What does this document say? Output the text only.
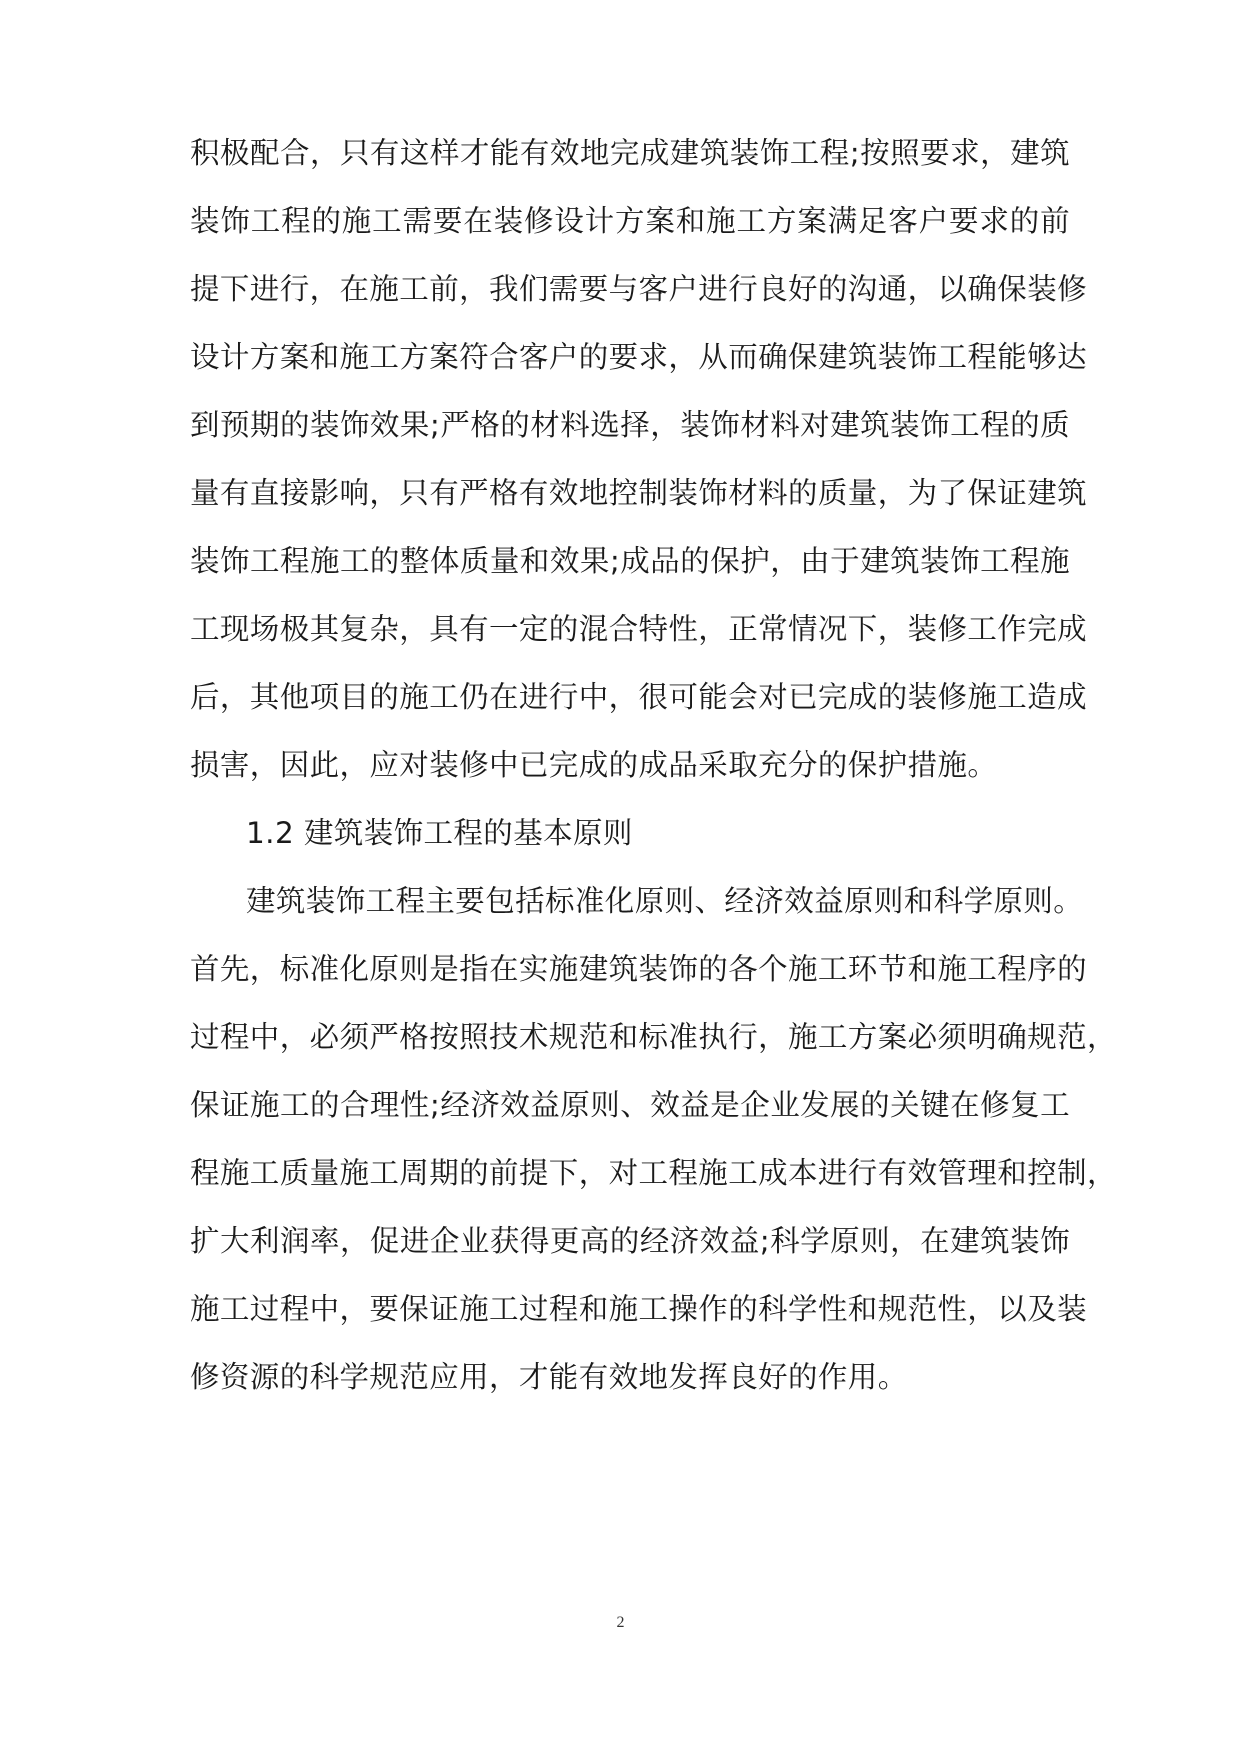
积极配合，只有这样才能有效地完成建筑装饰工程;按照要求，建筑
装饰工程的施工需要在装修设计方案和施工方案满足客户要求的前
提下进行，在施工前，我们需要与客户进行良好的沟通，以确保装修
设计方案和施工方案符合客户的要求，从而确保建筑装饰工程能够达
到预期的装饰效果;严格的材料选择，装饰材料对建筑装饰工程的质
量有直接影响，只有严格有效地控制装饰材料的质量，为了保证建筑
装饰工程施工的整体质量和效果;成品的保护，由于建筑装饰工程施
工现场极其复杂，具有一定的混合特性，正常情况下，装修工作完成
后，其他项目的施工仍在进行中，很可能会对已完成的装修施工造成
损害，因此，应对装修中已完成的成品采取充分的保护措施。
1.2 建筑装饰工程的基本原则
建筑装饰工程主要包括标准化原则、经济效益原则和科学原则。
首先，标准化原则是指在实施建筑装饰的各个施工环节和施工程序的
过程中，必须严格按照技术规范和标准执行，施工方案必须明确规范，
保证施工的合理性;经济效益原则、效益是企业发展的关键在修复工
程施工质量施工周期的前提下，对工程施工成本进行有效管理和控制，
扩大利润率，促进企业获得更高的经济效益;科学原则，在建筑装饰
施工过程中，要保证施工过程和施工操作的科学性和规范性，以及装
修资源的科学规范应用，才能有效地发挥良好的作用。
2
